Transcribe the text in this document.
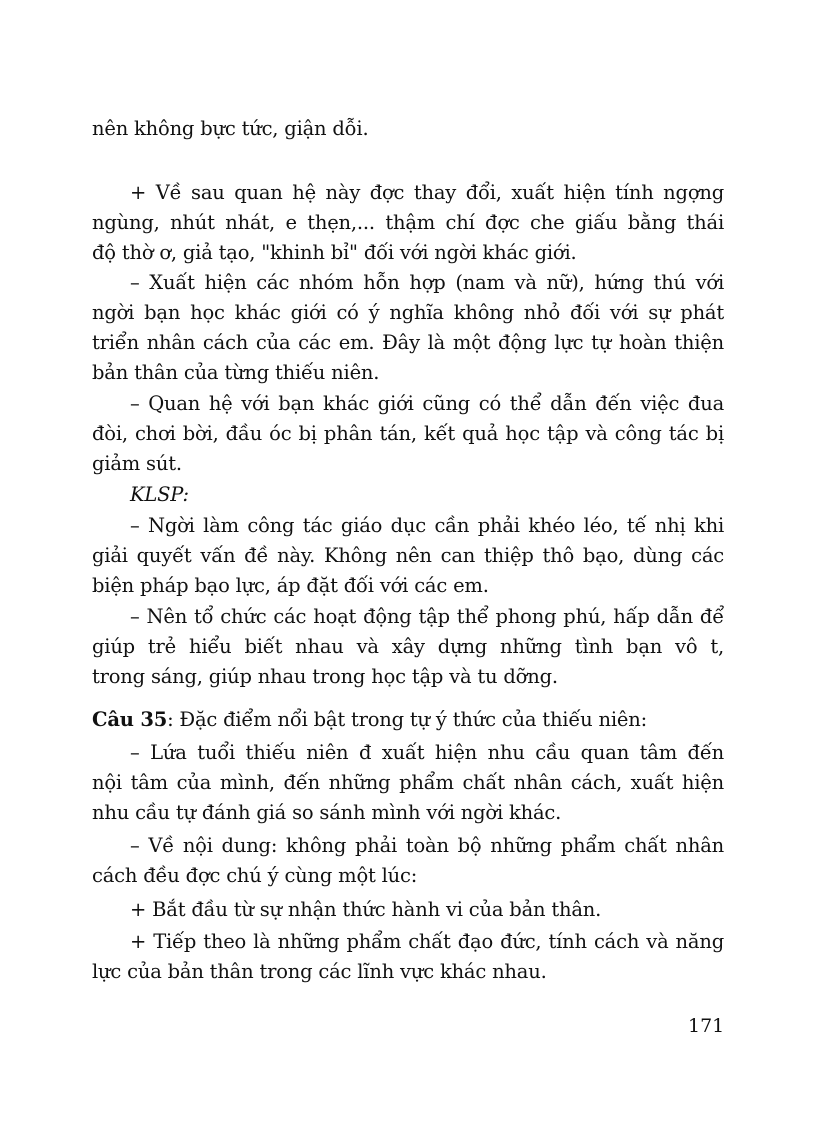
nên không bực tức, giận dỗi.
+ Về sau quan hệ này đợc thay đổi, xuất hiện tính ngợng
ngùng, nhút nhát, e thẹn,... thậm chí đợc che giấu bằng thái
độ thờ ơ, giả tạo, "khinh bỉ" đối với ngời khác giới.
– Xuất hiện các nhóm hỗn hợp (nam và nữ), hứng thú với
ngời bạn học khác giới có ý nghĩa không nhỏ đối với sự phát
triển nhân cách của các em. Đây là một động lực tự hoàn thiện
bản thân của từng thiếu niên.
– Quan hệ với bạn khác giới cũng có thể dẫn đến việc đua
đòi, chơi bời, đầu óc bị phân tán, kết quả học tập và công tác bị
giảm sút.
KLSP:
– Ngời làm công tác giáo dục cần phải khéo léo, tế nhị khi
giải quyết vấn đề này. Không nên can thiệp thô bạo, dùng các
biện pháp bạo lực, áp đặt đối với các em.
– Nên tổ chức các hoạt động tập thể phong phú, hấp dẫn để
giúp trẻ hiểu biết nhau và xây dựng những tình bạn vô t,
trong sáng, giúp nhau trong học tập và tu dỡng.
Câu 35: Đặc điểm nổi bật trong tự ý thức của thiếu niên:
– Lứa tuổi thiếu niên đ xuất hiện nhu cầu quan tâm đến
nội tâm của mình, đến những phẩm chất nhân cách, xuất hiện
nhu cầu tự đánh giá so sánh mình với ngời khác.
– Về nội dung: không phải toàn bộ những phẩm chất nhân
cách đều đợc chú ý cùng một lúc:
+ Bắt đầu từ sự nhận thức hành vi của bản thân.
+ Tiếp theo là những phẩm chất đạo đức, tính cách và năng
lực của bản thân trong các lĩnh vực khác nhau.
171
